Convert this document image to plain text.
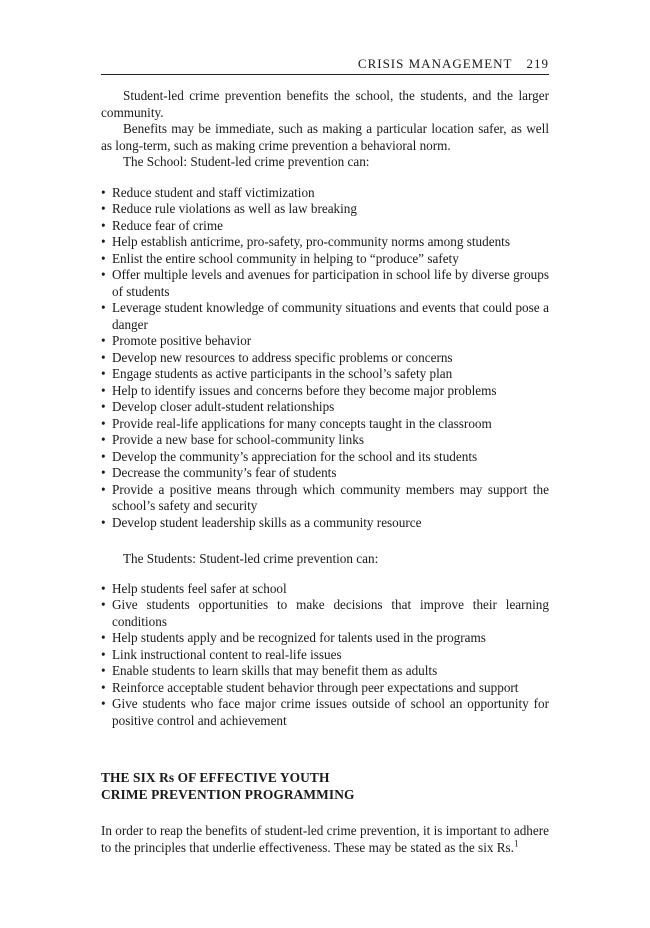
CRISIS MANAGEMENT 219

Student-led crime prevention benefits the school, the students, and the larger community.

Benefits may be immediate, such as making a particular location safer, as well as long-term, such as making crime prevention a behavioral norm.

The School: Student-led crime prevention can:

• Reduce student and staff victimization
• Reduce rule violations as well as law breaking
• Reduce fear of crime
• Help establish anticrime, pro-safety, pro-community norms among students
• Enlist the entire school community in helping to “produce” safety
• Offer multiple levels and avenues for participation in school life by diverse groups of students
• Leverage student knowledge of community situations and events that could pose a danger
• Promote positive behavior
• Develop new resources to address specific problems or concerns
• Engage students as active participants in the school’s safety plan
• Help to identify issues and concerns before they become major problems
• Develop closer adult-student relationships
• Provide real-life applications for many concepts taught in the classroom
• Provide a new base for school-community links
• Develop the community’s appreciation for the school and its students
• Decrease the community’s fear of students
• Provide a positive means through which community members may support the school’s safety and security
• Develop student leadership skills as a community resource

The Students: Student-led crime prevention can:

• Help students feel safer at school
• Give students opportunities to make decisions that improve their learning conditions
• Help students apply and be recognized for talents used in the programs
• Link instructional content to real-life issues
• Enable students to learn skills that may benefit them as adults
• Reinforce acceptable student behavior through peer expectations and support
• Give students who face major crime issues outside of school an opportunity for positive control and achievement
THE SIX Rs OF EFFECTIVE YOUTH
CRIME PREVENTION PROGRAMMING

In order to reap the benefits of student-led crime prevention, it is important to adhere to the principles that underlie effectiveness. These may be stated as the six Rs.$^1$
